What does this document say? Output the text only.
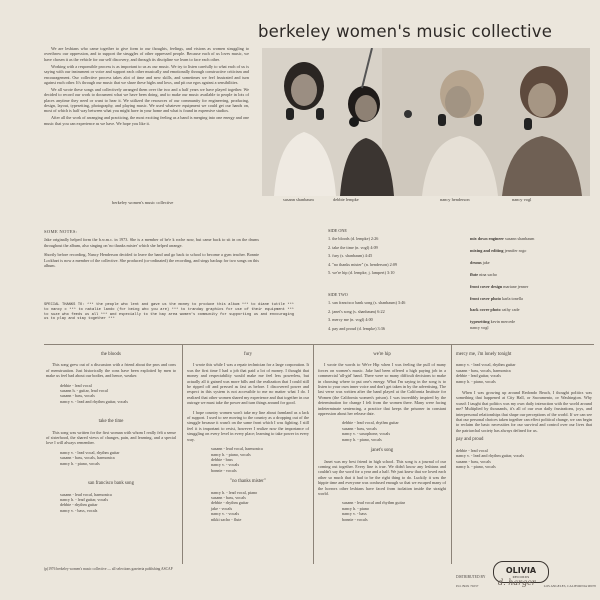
berkeley women's music collective

We are lesbians who came together to give form to our thoughts, feelings, and visions as women struggling to overthrow our oppression, and to support the struggles of other oppressed people. Because each of us loves music, we have chosen it as the vehicle for our self discovery, and through its discipline we learn to face each other.

Working with a responsible process is as important to us as our music. We try to listen carefully to what each of us is saying with our instrument or voice and support each other musically and emotionally through constructive criticism and encouragement. Our collective process takes alot of time and new skills, and sometimes we feel frustrated and turn against each other. It's through our music that we share these highs and lows, and pit our egos against a sensibilities.

We all wrote these songs and collectively arranged them over the two and a half years we have played together. We decided to record our work to document what we have been doing, and to make our music available to people in lots of places anytime they need or want to hear it. We utilized the resources of our community for engineering, producing, design, layout, typesetting, photography, and playing music. We used whatever equipment we could get our hands on, most of which is half way between what you might have in your home and what is found in expensive studios.

After all the work of arranging and practicing, the most exciting feeling as a band is merging into one energy and one music that you can experience as we have. We hope you like it.

berkeley women's music collective
susann shanbaum	debbie lempke	nancy henderson	nancy vogl
SOME NOTES:

Jake originally helped form the b.w.m.c. in 1973. She is a member of be'e k roche now, but came back to sit in on the drums throughout the album, also singing on 'no thanks mister' which she helped arrange.

Shortly before recording, Nancy Henderson decided to leave the band and go back to school to become a gym teacher. Bonnie Lockhart is now a member of the collective. She produced (co-ordinated) the recording, and sings backup for two songs on this album.

SIDE ONE
1. the bloods (d. lempke) 2:26
2. take the time (n. vogl) 4:09
3. fury (s. shanbaum) 4:45
4. "no thanks mister" (n. henderson) 2:09
5. we're hip (d. lempke, j. lampert) 3:10
SIDE TWO
1. san francisco bank song (s. shanbaum) 3:46
2. janet's song (s. shanbaum) 6:22
3. mercy me (n. vogl) 4:00
4. pay and proud (d. lempke) 3:36
mix down engineer susann shanbaum
mixing and editing jennifer rogo
drums jake
flute nina sacho
front cover design mariane jenner
front cover photo karla tonella
back cover photo cathy cade
typesetting kevin mercede
nancy vogl
SPECIAL THANKS TO: *** the people who lent and gave us the money to produce this album *** to diane tuttle *** to nancy c *** to natalie lando (for being who you are) *** to tranday graphics for use of their equipment *** to suze who feeds us all *** and especially to the bay area women's community for supporting us and encouraging us to play and stay together ***
the bloods

This song grew out of a discussion with a friend about the pros and cons of menstruation. Just historically the cons have been exploited by men to make us feel bad about our bodies, and hence, weaker.

debbie - lead vocal
susann h. - guitar, lead vocal
susann - bass, vocals
nancy v. - lead and rhythm guitar, vocals
take the time

This song was written for the first woman with whom I really felt a sense of sisterhood, the shared views of changes, pain, and learning, and a special love I will always remember.

nancy v. - lead vocal, rhythm guitar
susann - bass, vocals, harmonica
nancy h. - piano, vocals
san francisco bank song
susann - lead vocal, harmonica
nancy h. - lead guitar, vocals
debbie - rhythm guitar
nancy v. - bass, vocals
fury

I wrote this while I was a repair technician for a large corporation. It was the first time I had a job that paid a lot of money. I thought that money and respectability would make me feel less powerless, but actually all it gained was more bills and the realization that I could still be ripped off and pressed as fast as before. I discovered power and respect in this system is not accessible to me no matter what I do. I realized that other women shared my experience and that together in our outrage we must take the power and turn things around for good.

I hope country women won't take my line about farmland as a lack of support. I used to see moving to the country as a dropping out of the struggle because it wasn't on the same front which I was fighting. I still feel it is important to resist, however I realize now the importance of struggling on every level in every place; learning to take power in every way.

susann - lead vocal, harmonica
nancy h. - piano, vocals
debbie - bass
nancy v. - vocals
bonnie - vocals
"no thanks mister"
nancy h. - lead vocal, piano
susann - bass, vocals
debbie - rhythm guitar
jake - vocals
nancy v. - vocals
nikki sacho - flute
we're hip

I wrote the words to We're Hip when I was feeling the pull of many forces on women's music. Jake had been offered a high paying job in a commercial 'all-girl' band. There were so many difficult decisions to make in choosing where to put one's energy. What I'm saying in the song is to listen to your own inner voice and don't get taken in by the advertising. The last verse was written after the band played at the California Institute for Women (the California women's prison). I was incredibly inspired by the determination for change I felt from the women there. Many were facing indeterminate sentencing, a practice that keeps the prisoner in constant oppression about her release date.

debbie - lead vocal, rhythm guitar
susann - bass, vocals
nancy v. - saxophone, vocals
nancy h. - piano, vocals
janet's song

Janet was my best friend in high school. This song is a journal of our coming out together. Every line is true. We didn't know any lesbians and couldn't say the word for a year and a half. We just knew that we loved each other so much that it had to be the right thing to do. Luckily it was the hippie time and everyone was confused enough so that we escaped many of the horrors other lesbians have faced from isolation inside the straight world.

susann - lead vocal and rhythm guitar
nancy h. - piano
nancy v. - bass
bonnie - vocals
mercy me, i'm lonely tonight
nancy v. - lead vocal, rhythm guitar
susann - bass, vocals, harmonica
debbie - lead guitar, vocals
nancy h. - piano, vocals

When I was growing up around Redondo Beach, I thought politics was something that happened at City Hall, or Sacramento, or Washington. Why wasn't I taught that politics was my own daily interaction with the world around me? Multiplied by thousands, it's all of our own daily frustrations, joys, and interpersonal relationships that shape our perceptions of the world. If we can see that our personal choices taken together can effect political change, we can begin to reclaim the basic necessities for our survival and control over our lives that the patriarchal society has always defined for us.

pay and proud
debbie - lead vocal
nancy v. - lead and rhythm guitar, vocals
susann - bass, vocals
nancy h. - piano, vocals
(p)1976 berkeley women's music collective — all selections gaseteria publishing ASCAP
DISTRIBUTED BY
OLIVIA
RECORDS
P.O. BOX 70237	LOS ANGELES, CALIFORNIA 90070
d. harger
